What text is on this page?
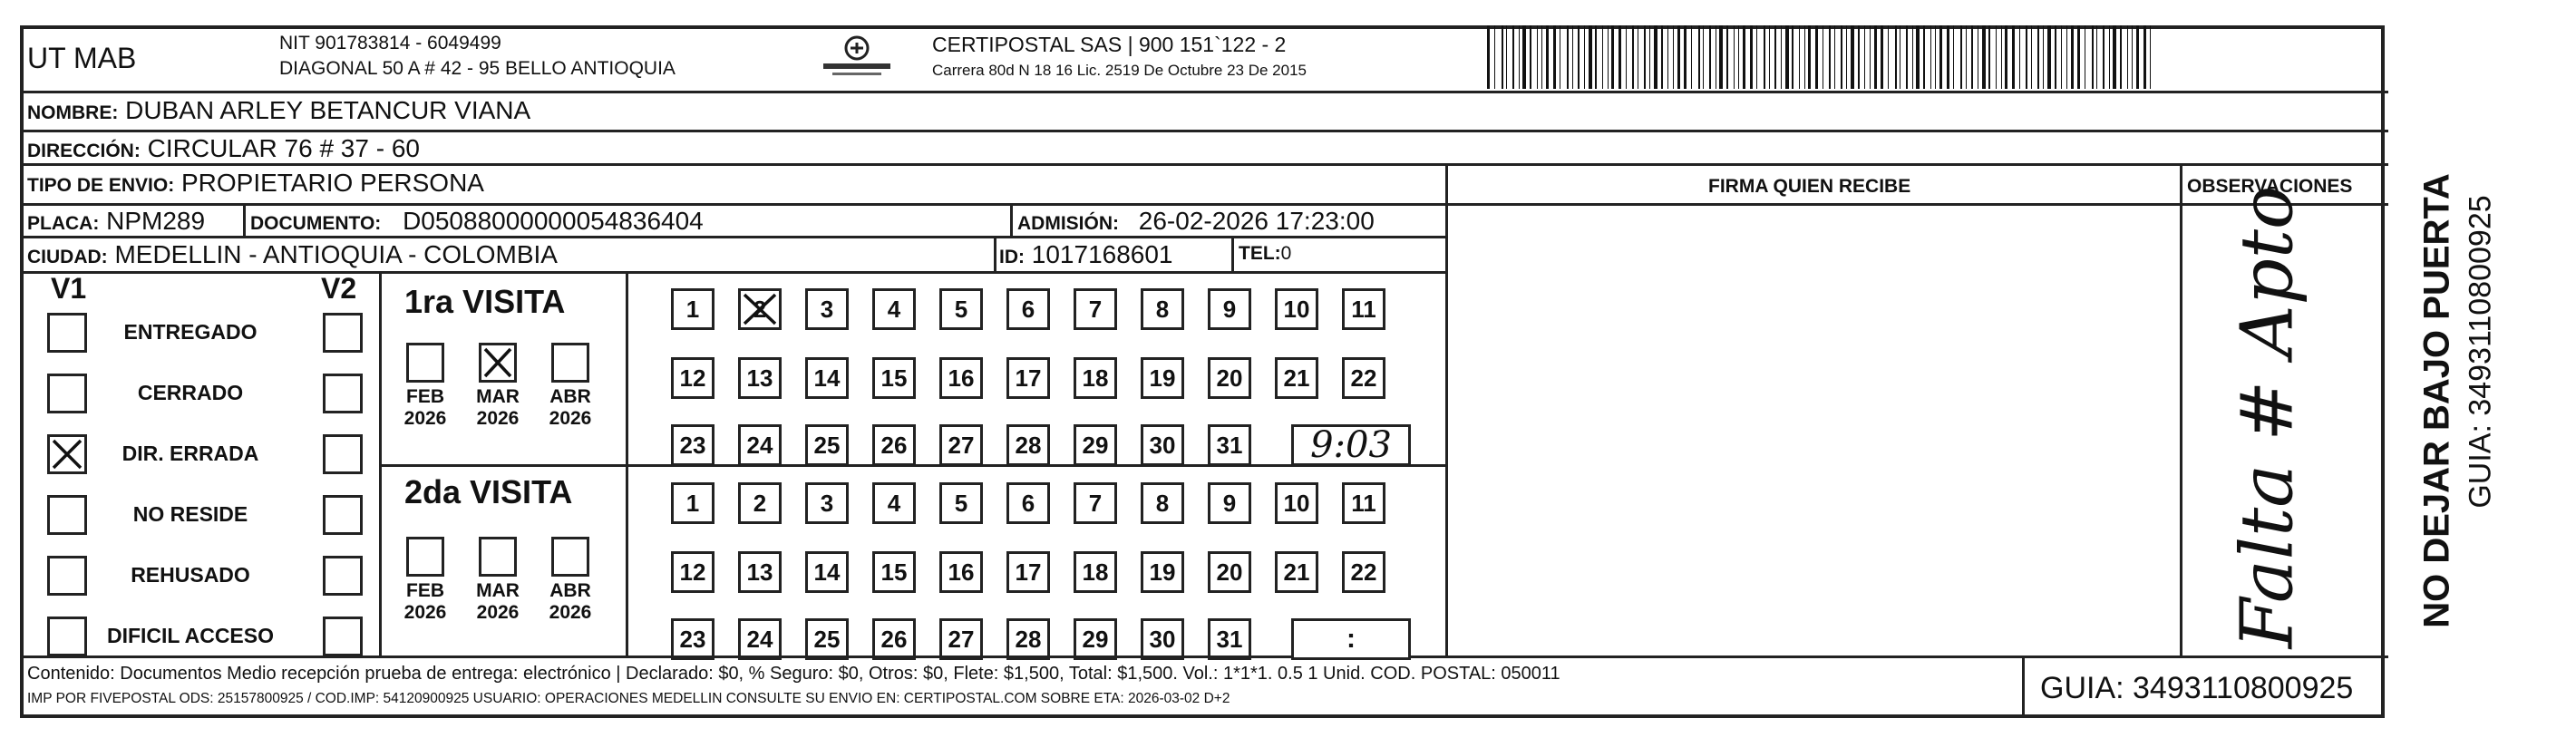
UT MAB	NIT 901783814 - 6049499
DIAGONAL 50 A # 42 - 95 BELLO ANTIOQUIA
CERTIPOSTAL SAS | 900 151`122 - 2
Carrera 80d N 18 16 Lic. 2519 De Octubre 23 De 2015
NOMBRE: DUBAN ARLEY BETANCUR VIANA
DIRECCIÓN: CIRCULAR 76 # 37 - 60
TIPO DE ENVIO: PROPIETARIO PERSONA
PLACA: NPM289 DOCUMENTO: D05088000000054836404	ADMISIÓN: 26-02-2026 17:23:00
CIUDAD: MEDELLIN - ANTIOQUIA - COLOMBIA	ID: 1017168601	TEL:0
FIRMA QUIEN RECIBE	OBSERVACIONES
Falta # Apto
V1	V2 1ra VISITA
2da VISITA
Contenido: Documentos Medio recepción prueba de entrega: electrónico | Declarado: $0, % Seguro: $0, Otros: $0, Flete: $1,500, Total: $1,500. Vol.: 1*1*1. 0.5 1 Unid. COD. POSTAL: 050011
IMP POR FIVEPOSTAL ODS: 25157800925 / COD.IMP: 54120900925 USUARIO: OPERACIONES MEDELLIN CONSULTE SU ENVIO EN: CERTIPOSTAL.COM SOBRE ETA: 2026-03-02 D+2	GUIA: 3493110800925
NO DEJAR BAJO PUERTA GUIA: 3493110800925
ENTREGADO
CERRADO
DIR. ERRADA
NO RESIDE
REHUSADO
DIFICIL ACCESO
FEB
2026
MAR
2026
ABR
2026
FEB
2026
MAR
2026
ABR
2026
1	2	3	4	5	6	7	8	9	10	11
12	13	14	15	16	17	18	19	20	21	22
23	24	25	26	27	28	29	30	31	9:03
1	2	3	4	5	6	7	8	9	10	11
12	13	14	15	16	17	18	19	20	21	22
23	24	25	26	27	28	29	30	31	:
